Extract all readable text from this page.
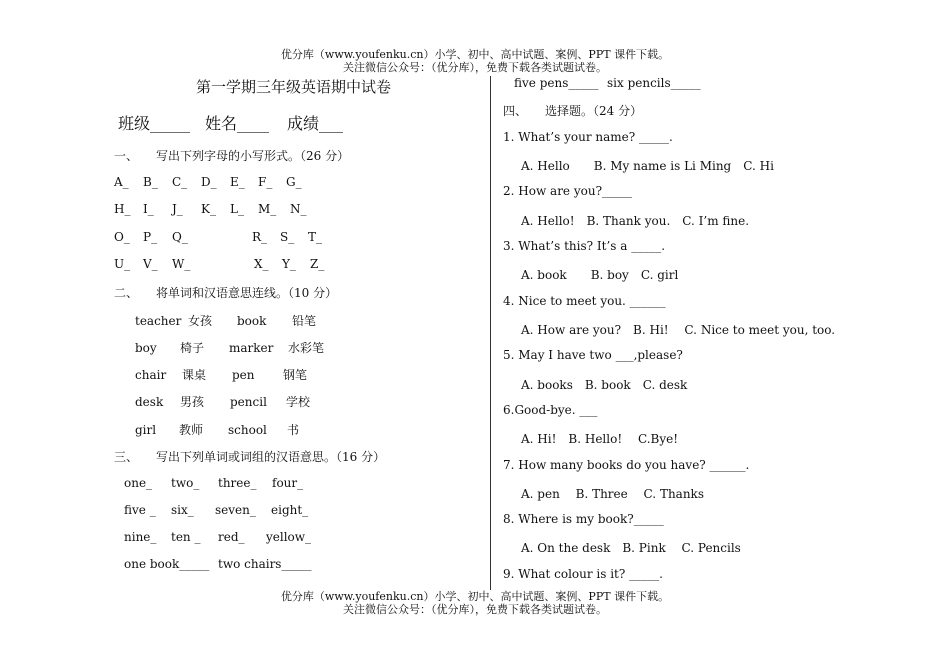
优分库（www.youfenku.cn）小学、初中、高中试题、案例、PPT 课件下载。
关注微信公众号：（优分库），免费下载各类试题试卷。
第一学期三年级英语期中试卷
班级_____ 姓名____ 成绩___
一、　　写出下列字母的小写形式。（26 分）
A_ B_ C_ D_ E_ F_ G_
H_ I_ J_ K_ L_ M_ N_
O_ P_ Q_	R_ S_ T_
U_ V_ W_	X_ Y_ Z_
二、　　将单词和汉语意思连线。（10 分）
teacher 女孩 book 铅笔
boy 椅子 marker 水彩笔
chair 课桌 pen 钢笔
desk 男孩 pencil 学校
girl 教师 school 书
三、　　写出下列单词或词组的汉语意思。（16 分）
one_ two_ three_ four_
five _ six_ seven_ eight_
nine_ ten _ red_ yellow_
one book_____ two chairs_____
five pens_____ six pencils_____
四、　　选择题。（24 分）
1. What’s your name? _____.
A. Hello　　B. My name is Li Ming　C. Hi
2. How are you?_____
A. Hello!　B. Thank you.　C. I’m fine.
3. What’s this? It’s a _____.
A. book　　B. boy　C. girl
4. Nice to meet you. ______
A. How are you?　B. Hi!　 C. Nice to meet you, too.
5. May I have two ___,please?
A. books　B. book　C. desk
6.Good-bye. ___
A. Hi!　B. Hello!　 C.Bye!
7. How many books do you have? ______.
A. pen　 B. Three　 C. Thanks
8. Where is my book?_____
A. On the desk　B. Pink　 C. Pencils
9. What colour is it? _____.
优分库（www.youfenku.cn）小学、初中、高中试题、案例、PPT 课件下载。
关注微信公众号：（优分库），免费下载各类试题试卷。
